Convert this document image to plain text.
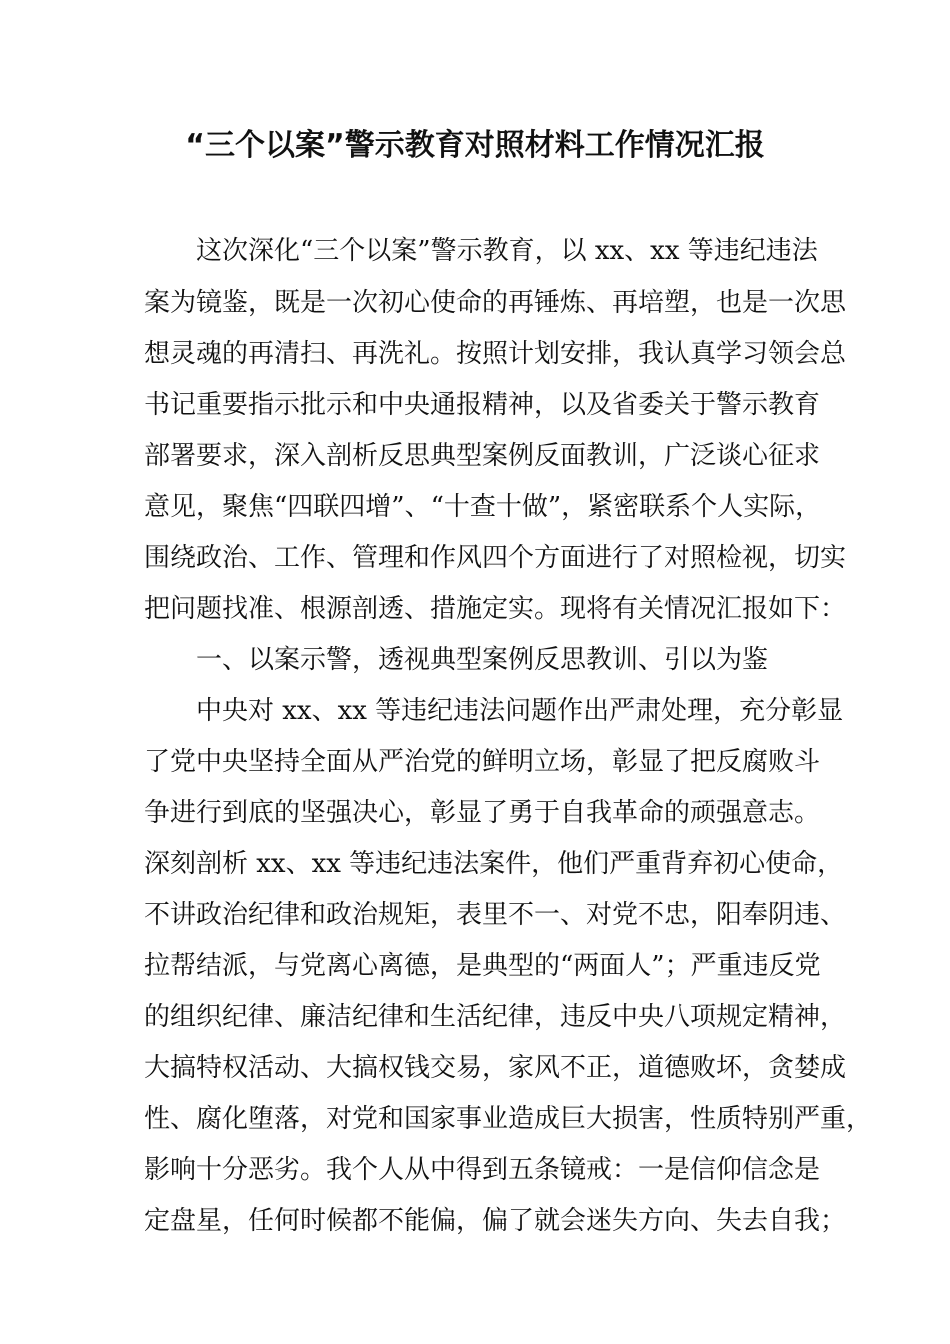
“三个以案”警示教育对照材料工作情况汇报

这次深化“三个以案”警示教育，以 xx、xx 等违纪违法

案为镜鉴，既是一次初心使命的再锤炼、再培塑，也是一次思

想灵魂的再清扫、再洗礼。按照计划安排，我认真学习领会总

书记重要指示批示和中央通报精神，以及省委关于警示教育

部署要求，深入剖析反思典型案例反面教训，广泛谈心征求

意见，聚焦“四联四增”、“十查十做”，紧密联系个人实际，

围绕政治、工作、管理和作风四个方面进行了对照检视，切实

把问题找准、根源剖透、措施定实。现将有关情况汇报如下：

一、以案示警，透视典型案例反思教训、引以为鉴

中央对 xx、xx 等违纪违法问题作出严肃处理，充分彰显

了党中央坚持全面从严治党的鲜明立场，彰显了把反腐败斗

争进行到底的坚强决心，彰显了勇于自我革命的顽强意志。

深刻剖析 xx、xx 等违纪违法案件，他们严重背弃初心使命，

不讲政治纪律和政治规矩，表里不一、对党不忠，阳奉阴违、

拉帮结派，与党离心离德，是典型的“两面人”；严重违反党

的组织纪律、廉洁纪律和生活纪律，违反中央八项规定精神，

大搞特权活动、大搞权钱交易，家风不正，道德败坏，贪婪成

性、腐化堕落，对党和国家事业造成巨大损害，性质特别严重，

影响十分恶劣。我个人从中得到五条镜戒：一是信仰信念是

定盘星，任何时候都不能偏，偏了就会迷失方向、失去自我；
